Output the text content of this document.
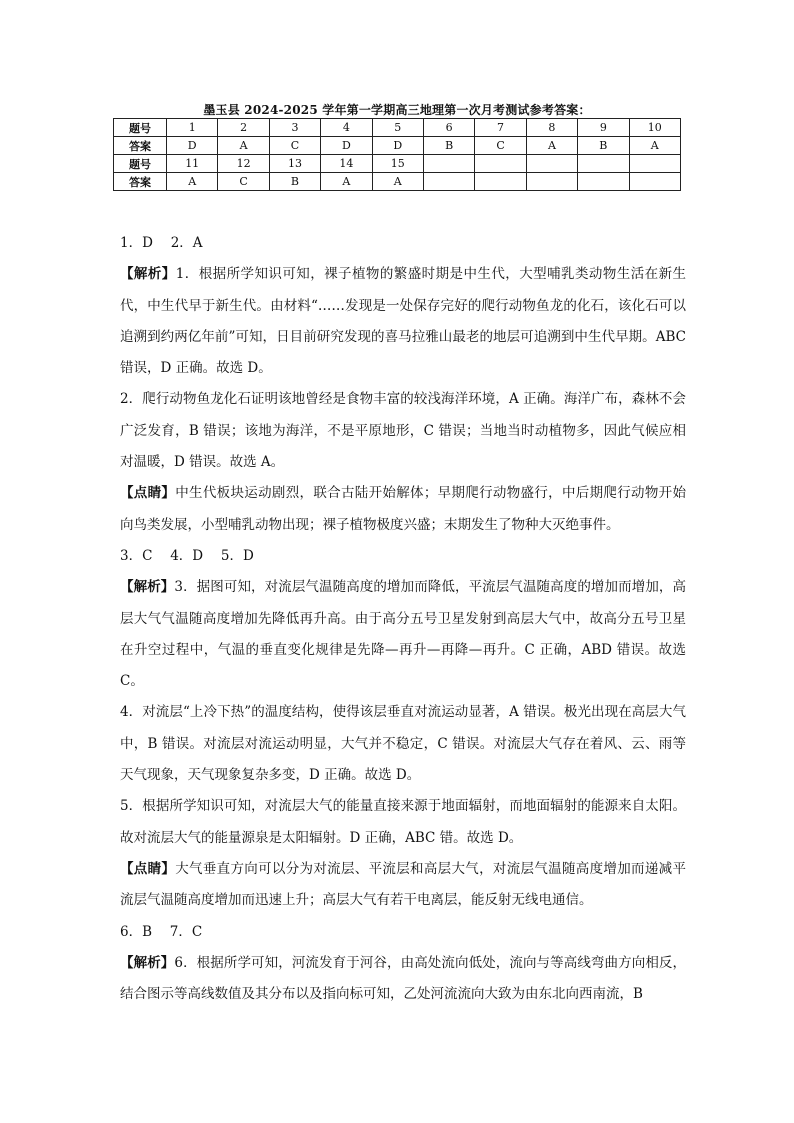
墨玉县 2024-2025 学年第一学期高三地理第一次月考测试参考答案：
题号	1	2	3	4	5	6	7	8	9	10
答案	D	A	C	D	D	B	C	A	B	A
题号	11	12	13	14	15					
答案	A	C	B	A	A					

1．D　 2．A

【解析】1．根据所学知识可知，裸子植物的繁盛时期是中生代，大型哺乳类动物生活在新生代，中生代早于新生代。由材料“……发现是一处保存完好的爬行动物鱼龙的化石，该化石可以追溯到约两亿年前”可知，日目前研究发现的喜马拉雅山最老的地层可追溯到中生代早期。ABC 错误，D 正确。故选 D。

2．爬行动物鱼龙化石证明该地曾经是食物丰富的较浅海洋环境，A 正确。海洋广布，森林不会广泛发育，B 错误；该地为海洋，不是平原地形，C 错误；当地当时动植物多，因此气候应相对温暖，D 错误。故选 A。

【点睛】中生代板块运动剧烈，联合古陆开始解体；早期爬行动物盛行，中后期爬行动物开始向鸟类发展，小型哺乳动物出现；裸子植物极度兴盛；末期发生了物种大灭绝事件。

3．C　 4．D　 5．D

【解析】3．据图可知，对流层气温随高度的增加而降低，平流层气温随高度的增加而增加，高层大气气温随高度增加先降低再升高。由于高分五号卫星发射到高层大气中，故高分五号卫星在升空过程中，气温的垂直变化规律是先降—再升—再降—再升。C 正确，ABD 错误。故选 C。

4．对流层“上冷下热”的温度结构，使得该层垂直对流运动显著，A 错误。极光出现在高层大气中，B 错误。对流层对流运动明显，大气并不稳定，C 错误。对流层大气存在着风、云、雨等天气现象，天气现象复杂多变，D 正确。故选 D。

5．根据所学知识可知，对流层大气的能量直接来源于地面辐射，而地面辐射的能源来自太阳。故对流层大气的能量源泉是太阳辐射。D 正确，ABC 错。故选 D。

【点睛】大气垂直方向可以分为对流层、平流层和高层大气，对流层气温随高度增加而递减平流层气温随高度增加而迅速上升；高层大气有若干电离层，能反射无线电通信。

6．B　 7．C

【解析】6．根据所学可知，河流发育于河谷，由高处流向低处，流向与等高线弯曲方向相反，结合图示等高线数值及其分布以及指向标可知，乙处河流流向大致为由东北向西南流，B
